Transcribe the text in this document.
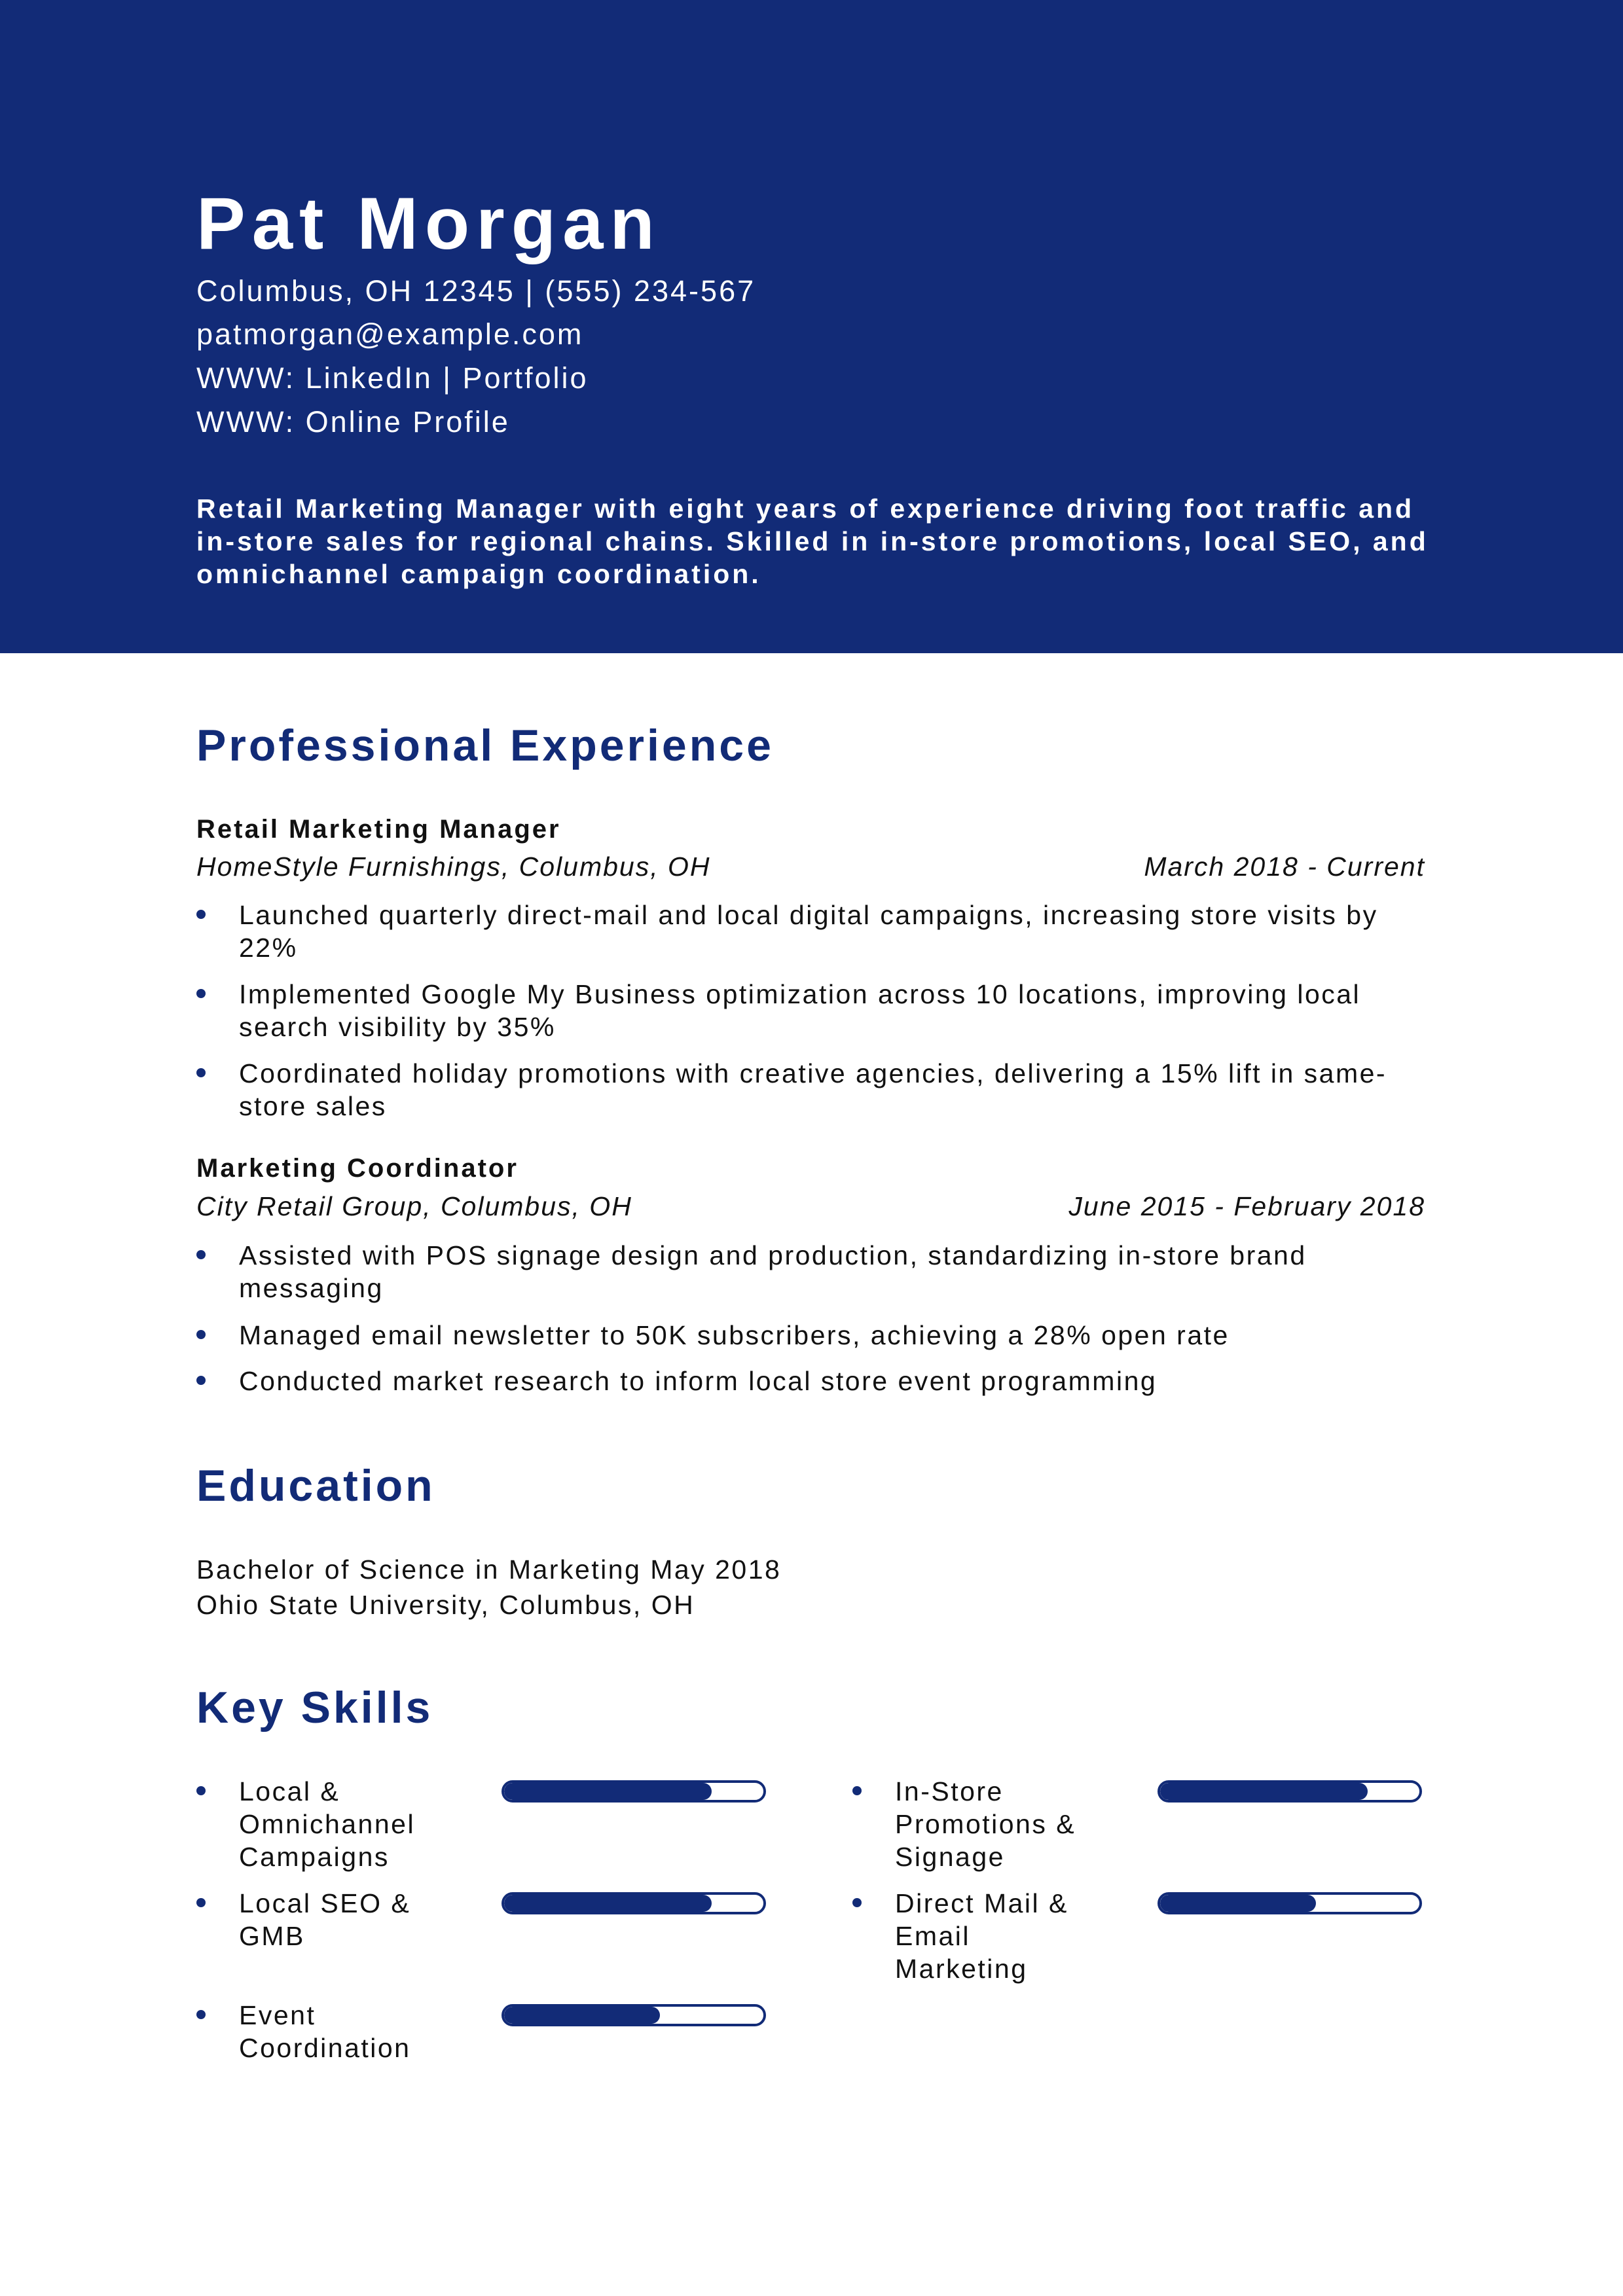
Pat Morgan
Columbus, OH 12345 | (555) 234-567
patmorgan@example.com
WWW: LinkedIn | Portfolio
WWW: Online Profile
Retail Marketing Manager with eight years of experience driving foot traffic and in-store sales for regional chains. Skilled in in-store promotions, local SEO, and omnichannel campaign coordination.
Professional Experience
Retail Marketing Manager
HomeStyle Furnishings, Columbus, OH	March 2018 - Current
Launched quarterly direct-mail and local digital campaigns, increasing store visits by 22%
Implemented Google My Business optimization across 10 locations, improving local search visibility by 35%
Coordinated holiday promotions with creative agencies, delivering a 15% lift in same-store sales
Marketing Coordinator
City Retail Group, Columbus, OH	June 2015 - February 2018
Assisted with POS signage design and production, standardizing in-store brand messaging
Managed email newsletter to 50K subscribers, achieving a 28% open rate
Conducted market research to inform local store event programming
Education
Bachelor of Science in Marketing May 2018
Ohio State University, Columbus, OH
Key Skills
Local & Omnichannel Campaigns
In-Store Promotions & Signage
Local SEO & GMB
Direct Mail & Email Marketing
Event Coordination
